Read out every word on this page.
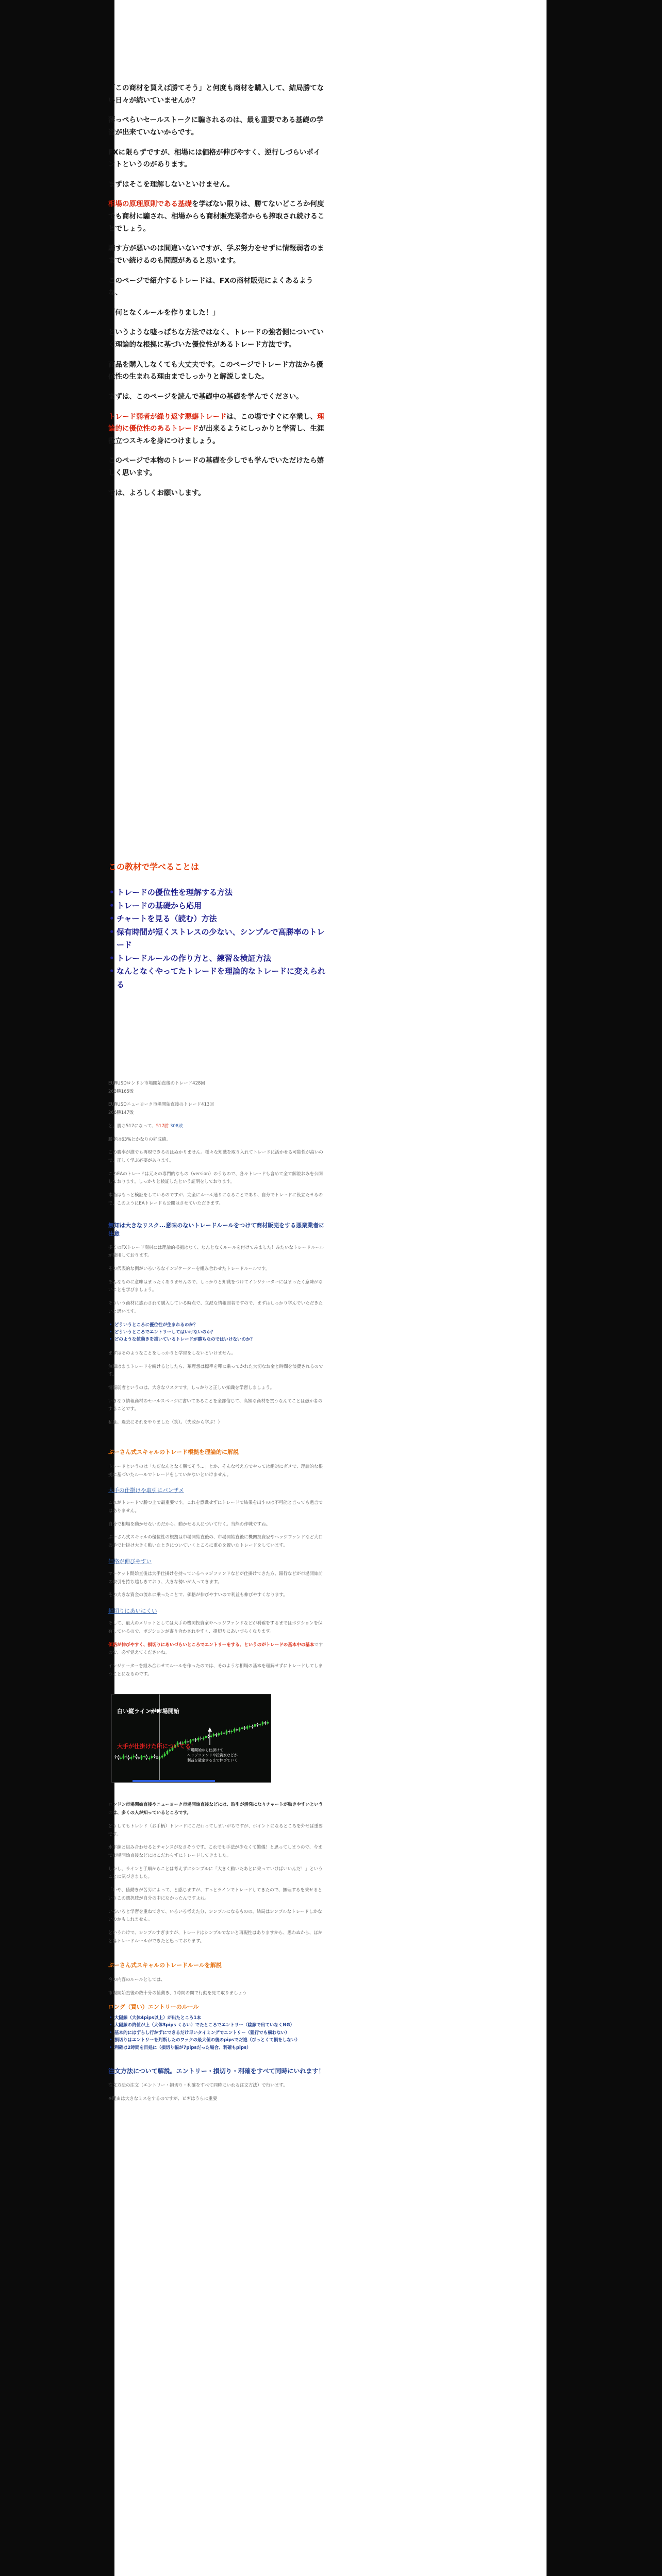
「この商材を買えば勝てそう」と何度も商材を購入して、結局勝てない日々が続いていませんか？

薄っぺらいセールストークに騙されるのは、最も重要である基礎の学習が出来ていないからです。

FXに限らずですが、相場には価格が伸びやすく、逆行しづらいポイントというのがあります。

まずはそこを理解しないといけません。

相場の原理原則である基礎を学ばない限りは、勝てないどころか何度でも商材に騙され、相場からも商材販売業者からも搾取され続けることでしょう。

騙す方が悪いのは間違いないですが、学ぶ努力をせずに情報弱者のままでい続けるのも問題があると思います。

このページで紹介するトレードは、FXの商材販売によくあるような、

「何となくルールを作りました！」

というような嘘っぱちな方法ではなく、トレードの強者側についていく理論的な根拠に基づいた優位性があるトレード方法です。

商品を購入しなくても大丈夫です。このページでトレード方法から優位性の生まれる理由までしっかりと解説しました。

まずは、このページを読んで基礎中の基礎を学んでください。

トレード弱者が繰り返す悪癖トレードは、この場ですぐに卒業し、理論的に優位性のあるトレードが出来るようにしっかりと学習し、生涯役立つスキルを身につけましょう。

このページで本物のトレードの基礎を少しでも学んでいただけたら嬉しく思います。

では、よろしくお願いします。

この教材で学べることは
• トレードの優位性を理解する方法
• トレードの基礎から応用
• チャートを見る（読む）方法
• 保有時間が短くストレスの少ない、シンプルで高勝率のトレード
• トレードルールの作り方と、練習＆検証方法
• なんとなくやってたトレードを理論的なトレードに変えられる

EURUSDロンドン市場開始直後のトレード428回
263勝165敗

EURUSDニューヨーク市場開始直後のトレード413回
266勝147敗

と、勝ち517になって、517勝 308敗

勝率は63%とかなりの好成績。

この勝率が誰でも再現できるのはぬかりません。様々な知識を取り入れてトレードに活かせる可能性が高いので、正しく学ぶ必要があります。

このEAのトレードは元々の専門的なもの（version）のうちので、各々トレードも含めて全て解説おみを公開しております。しっかりと検証したという証明をしております。

本当はもっと検証をしているのですが、完全にルール通りになることであり、自分でトレードに役立たせるので、このようにEAトレードも公開はさせていただきます。

無知は大きなリスク...意味のないトレードルールをつけて商材販売をする悪業業者に注意

多くのFXトレード商材には理論的根拠はなく、なんとなくルールを付けてみました！みたいなトレードルールが使用しております。

その代表的な例がいろいろなインジケーターを組み合わせたトレードルールです。

あんなものに意味はまったくありませんので、しっかりと知識をつけてインジケーターにはまったく意味がないことを学びましょう。

そういう商材に惑わされて購入している時点で、立派な情報弱者ですので、まずはしっかり学んでいただきたいと思います。

• どういうところに優位性が生まれるのか？
• どういうところでエントリーしてはいけないのか？
• どのような値動きを描いているトレードが勝ちなのではいけないのか？

まずはそのようなことをしっかりと学習をしないといけません。

無知はままトレードを続けるとしたら、華理想は標準を叩に乗ってかれた大切なお金と時間を浪費されるのです。

情報弱者というのは、大きなリスクです。しっかりと正しい知識を学習しましょう。

いきなり情報商材のセールスページに書いてあることを全部信じて、高額な商材を買うなんてことは愚か者のすることです。

私は、過去にそれをやりました（笑）。（失敗から学ぶ！）

ぷーさん式スキャルのトレード根拠を理論的に解説

トレードというのは「ただなんとなく勝てそう...」とか、そんな考え方でやっては絶対にダメで、理論的な根拠に基づいたルールでトレードをしていかないといけません。

大手の仕掛けや取引にパンザメ

これがトレードで勝つ上で最重要です。これを意識せずにトレードで結果を出すのは不可能と言っても過言ではありません。

自分で相場を動かせないのだから、動かせる人について行く。当然の作戦ですね。

ぷーさん式スキャルの優位性の根拠は市場開始直後の、市場開始直後に機関投資家やヘッジファンドなど大口の手で仕掛け大きく動いたときについていくところに重心を置いたトレードをしています。

価格が伸びやすい

マーケット開始直後は大手仕掛けを持っているヘッジファンドなどが仕掛けてきた方、銀行などが市場開始前の取引を持ち越しきており、大きな勢いが入ってきます。

その大きな資金の流れに乗ったことで、価格が伸びやすいので利益も伸びやすくなります。

損切りにあいにくい

そして、最大のメリットとしては大手の機関投資家やヘッジファンドなどが利確をするまではポジションを保有しているので、ポジションが寄り合わされやすく、損切りにあいづらくなります。

価格が伸びやすく、損切りにあいづらいところでエントリーをする、というのがトレードの基本中の基本ですので、必ず覚えてくださいね。

インジケーターを組み合わせてルールを作ったのでは、そのような相場の基本を理解せずにトレードしてしまうことになるのです。

白い縦ラインが市場開始
大手が仕掛けた所についてる！
市場開始から仕掛けて
ヘッジファンドや投資家などが
利益を確定するまで伸びていく

ロンドン市場開始直後やニューヨーク市場開始直後などには、取引が活発になりチャートが動きやすいというのは、多くの人が知っているところです。

どうしてもトレンド（お手柄）トレードにこだわってしまいがちですが、ポイントになるところを外せば重要です。

水平線と組み合わせるとチャンスがなさそうです。これでも手法が少なくて難儀！と思ってしまうので、今まで市場開始直後などにはこだわらずにトレードしてきました。

しかし、ラインと手順からことは考えずにシンプルに「大きく動いたあとに乗っていけばいいんだ！」ということに気づきました。

「いや、値動きが苦労によって、と感じますが、すっとラインでトレードしてきたので、無理するを乗せるというこの選択肢が自分の中になかったんですよね。

いろいろと学習を重ねてきて、いろいろ考えた分、シンプルになるものの、結局はシンプルなトレードしかないのかもしれません。

というわけで、シンプルすぎますが、トレードはシンプルでないと再現性はありますから、思わぬから、ほかとはトレードルールができたと思っております。

ぷーさん式スキャルのトレードルールを解説

今の内容のルールとしては、

市場開始直後の数十分の値動き、1時間の間で行動を見て取りましょう

ロング（買い）エントリーのルール
• 大陽線（大体4pips以上）が出たところ1本
• 大陽線の終値が上（大体3pips くらい）でたところでエントリー（陰線で出ていなくNG）
• 基本的にはずらし行かずにできるだけ早いタイミングでエントリー（狙行でも構わない）
• 損切りはエントリーを判断したのワックの最大値の後のpipsでだ逃（ぴっとくて損をしない）
• 利確は2時間を目処に（損切り幅が7pipsだった場合、利確もpips）
注文方法について解説。エントリー・損切り・利確をすべて同時にいれます！

注文方法の注文（エントリー・損切り・利確をすべて同時にいれる注文方法）で行います。

※理由は大きなミスをするのですが、ビギはうらに重要
